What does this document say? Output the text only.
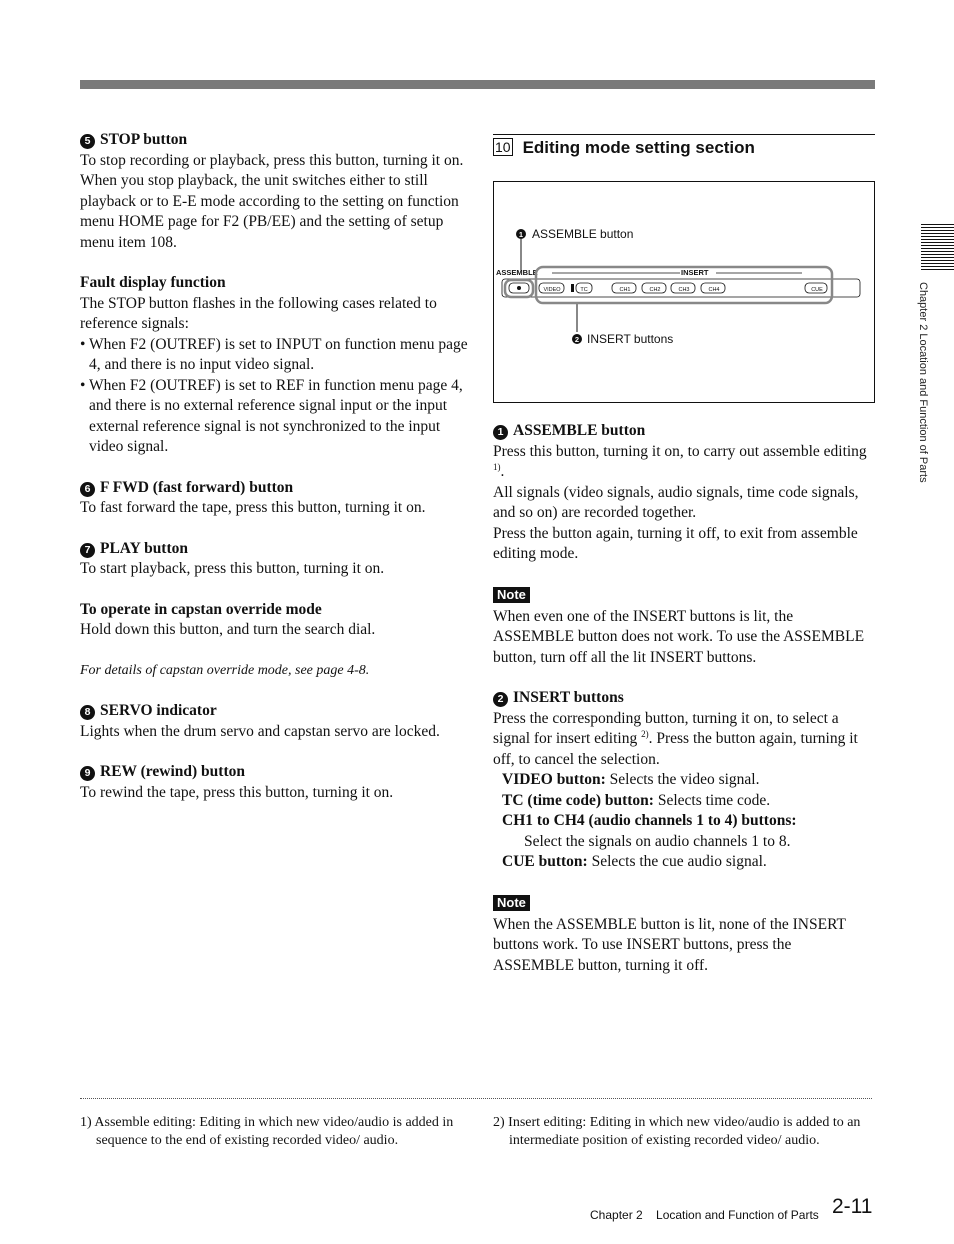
5 STOP button
To stop recording or playback, press this button, turning it on.
When you stop playback, the unit switches either to still playback or to E-E mode according to the setting on function menu HOME page for F2 (PB/EE) and the setting of setup menu item 108.
Fault display function
The STOP button flashes in the following cases related to reference signals:
• When F2 (OUTREF) is set to INPUT on function menu page 4, and there is no input video signal.
• When F2 (OUTREF) is set to REF in function menu page 4, and there is no external reference signal input or the input external reference signal is not synchronized to the input video signal.
6 F FWD (fast forward) button
To fast forward the tape, press this button, turning it on.
7 PLAY button
To start playback, press this button, turning it on.
To operate in capstan override mode
Hold down this button, and turn the search dial.
For details of capstan override mode, see page 4-8.
8 SERVO indicator
Lights when the drum servo and capstan servo are locked.
9 REW (rewind) button
To rewind the tape, press this button, turning it on.
10 Editing mode setting section
1 ASSEMBLE button
ASSEMBLE	INSERT
VIDEO	TC	CH1	CH2	CH3	CH4	CUE
2 INSERT buttons
1 ASSEMBLE button
Press this button, turning it on, to carry out assemble editing $^{1)}$.
All signals (video signals, audio signals, time code signals, and so on) are recorded together.
Press the button again, turning it off, to exit from assemble editing mode.
Note
When even one of the INSERT buttons is lit, the ASSEMBLE button does not work. To use the ASSEMBLE button, turn off all the lit INSERT buttons.
2 INSERT buttons
Press the corresponding button, turning it on, to select a signal for insert editing $^{2)}$. Press the button again, turning it off, to cancel the selection.
VIDEO button: Selects the video signal.
TC (time code) button: Selects time code.
CH1 to CH4 (audio channels 1 to 4) buttons:
Select the signals on audio channels 1 to 8.
CUE button: Selects the cue audio signal.
Note
When the ASSEMBLE button is lit, none of the INSERT buttons work. To use INSERT buttons, press the ASSEMBLE button, turning it off.
Chapter 2 Location and Function of Parts
1) Assemble editing: Editing in which new video/audio is added in sequence to the end of existing recorded video/ audio.
2) Insert editing: Editing in which new video/audio is added to an intermediate position of existing recorded video/ audio.
Chapter 2    Location and Function of Parts 2-11
